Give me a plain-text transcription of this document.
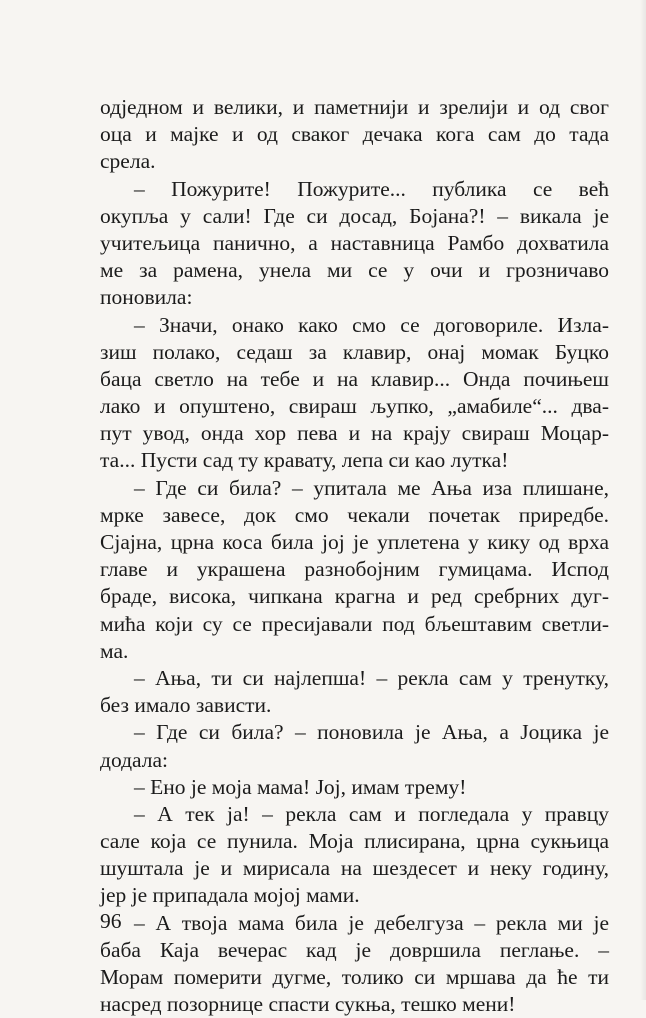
одједном и велики, и паметнији и зрелији и од свог
оца и мајке и од сваког дечака кога сам до тада
срела.
– Пожурите! Пожурите... публика се већ
окупља у сали! Где си досад, Бојана?! – викала је
учитељица панично, а наставница Рамбо дохватила
ме за рамена, унела ми се у очи и грозничаво
поновила:
– Значи, онако како смо се договориле. Изла-
зиш полако, седаш за клавир, онај момак Буцко
баца светло на тебе и на клавир... Онда почињеш
лако и опуштено, свираш љупко, „амабиле“... два-
пут увод, онда хор пева и на крају свираш Моцар-
та... Пусти сад ту кравату, лепа си као лутка!
– Где си била? – упитала ме Ања иза плишане,
мрке завесе, док смо чекали почетак приредбе.
Сјајна, црна коса била јој је уплетена у кику од врха
главе и украшена разнобојним гумицама. Испод
браде, висока, чипкана крагна и ред сребрних дуг-
мића који су се пресијавали под бљештавим светли-
ма.
– Ања, ти си најлепша! – рекла сам у тренутку,
без имало зависти.
– Где си била? – поновила је Ања, а Јоцика је
додала:
– Ено је моја мама! Јој, имам трему!
– А тек ја! – рекла сам и погледала у правцу
сале која се пунила. Моја плисирана, црна сукњица
шуштала је и мирисала на шездесет и неку годину,
јер је припадала мојој мами.
– А твоја мама била је дебелгуза – рекла ми је
баба Каја вечерас кад је довршила пеглање. –
Морам померити дугме, толико си мршава да ће ти
насред позорнице спасти сукња, тешко мени!
96
